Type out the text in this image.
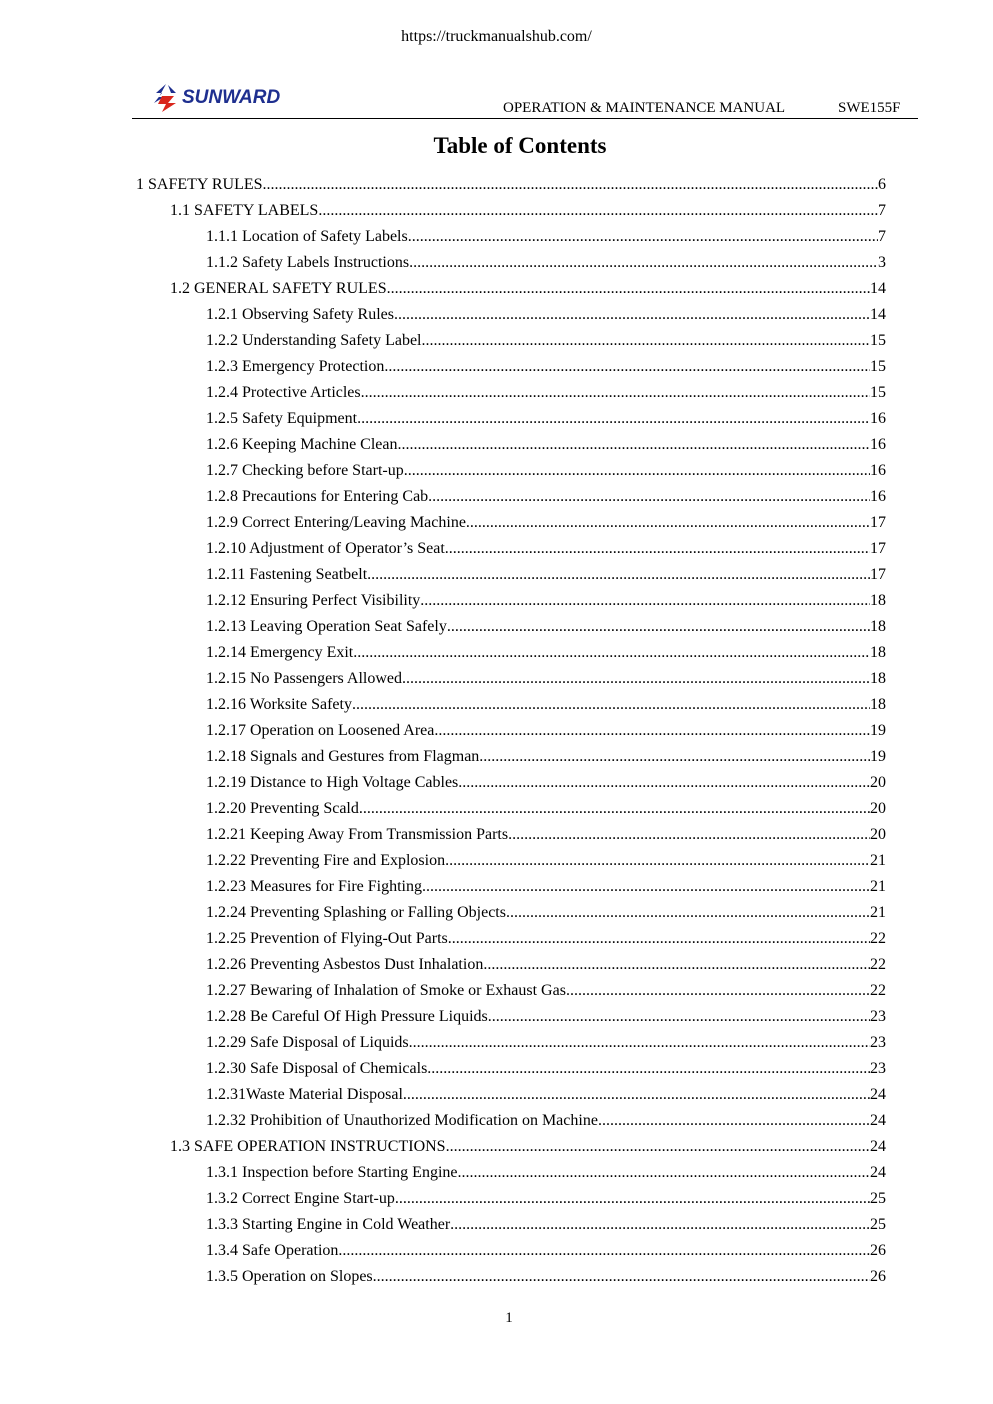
https://truckmanualshub.com/
SUNWARD	OPERATION & MAINTENANCE MANUAL	SWE155F
Table of Contents
1 SAFETY RULES .....	6
1.1 SAFETY LABELS .....	7
1.1.1 Location of Safety Labels .....	7
1.1.2 Safety Labels Instructions .....	3
1.2 GENERAL SAFETY RULES .....	14
1.2.1 Observing Safety Rules .....	14
1.2.2 Understanding Safety Label .....	15
1.2.3 Emergency Protection .....	15
1.2.4 Protective Articles .....	15
1.2.5 Safety Equipment .....	16
1.2.6 Keeping Machine Clean .....	16
1.2.7 Checking before Start-up .....	16
1.2.8 Precautions for Entering Cab .....	16
1.2.9 Correct Entering/Leaving Machine .....	17
1.2.10 Adjustment of Operator’s Seat .....	17
1.2.11 Fastening Seatbelt .....	17
1.2.12 Ensuring Perfect Visibility .....	18
1.2.13 Leaving Operation Seat Safely .....	18
1.2.14 Emergency Exit .....	18
1.2.15 No Passengers Allowed .....	18
1.2.16 Worksite Safety .....	18
1.2.17 Operation on Loosened Area .....	19
1.2.18 Signals and Gestures from Flagman .....	19
1.2.19 Distance to High Voltage Cables .....	20
1.2.20 Preventing Scald .....	20
1.2.21 Keeping Away From Transmission Parts .....	20
1.2.22 Preventing Fire and Explosion .....	21
1.2.23 Measures for Fire Fighting .....	21
1.2.24 Preventing Splashing or Falling Objects .....	21
1.2.25 Prevention of Flying-Out Parts .....	22
1.2.26 Preventing Asbestos Dust Inhalation .....	22
1.2.27 Bewaring of Inhalation of Smoke or Exhaust Gas .....	22
1.2.28 Be Careful Of High Pressure Liquids .....	23
1.2.29 Safe Disposal of Liquids .....	23
1.2.30 Safe Disposal of Chemicals .....	23
1.2.31Waste Material Disposal .....	24
1.2.32 Prohibition of Unauthorized Modification on Machine .....	24
1.3 SAFE OPERATION INSTRUCTIONS .....	24
1.3.1 Inspection before Starting Engine .....	24
1.3.2 Correct Engine Start-up .....	25
1.3.3 Starting Engine in Cold Weather .....	25
1.3.4 Safe Operation .....	26
1.3.5 Operation on Slopes .....	26
1
